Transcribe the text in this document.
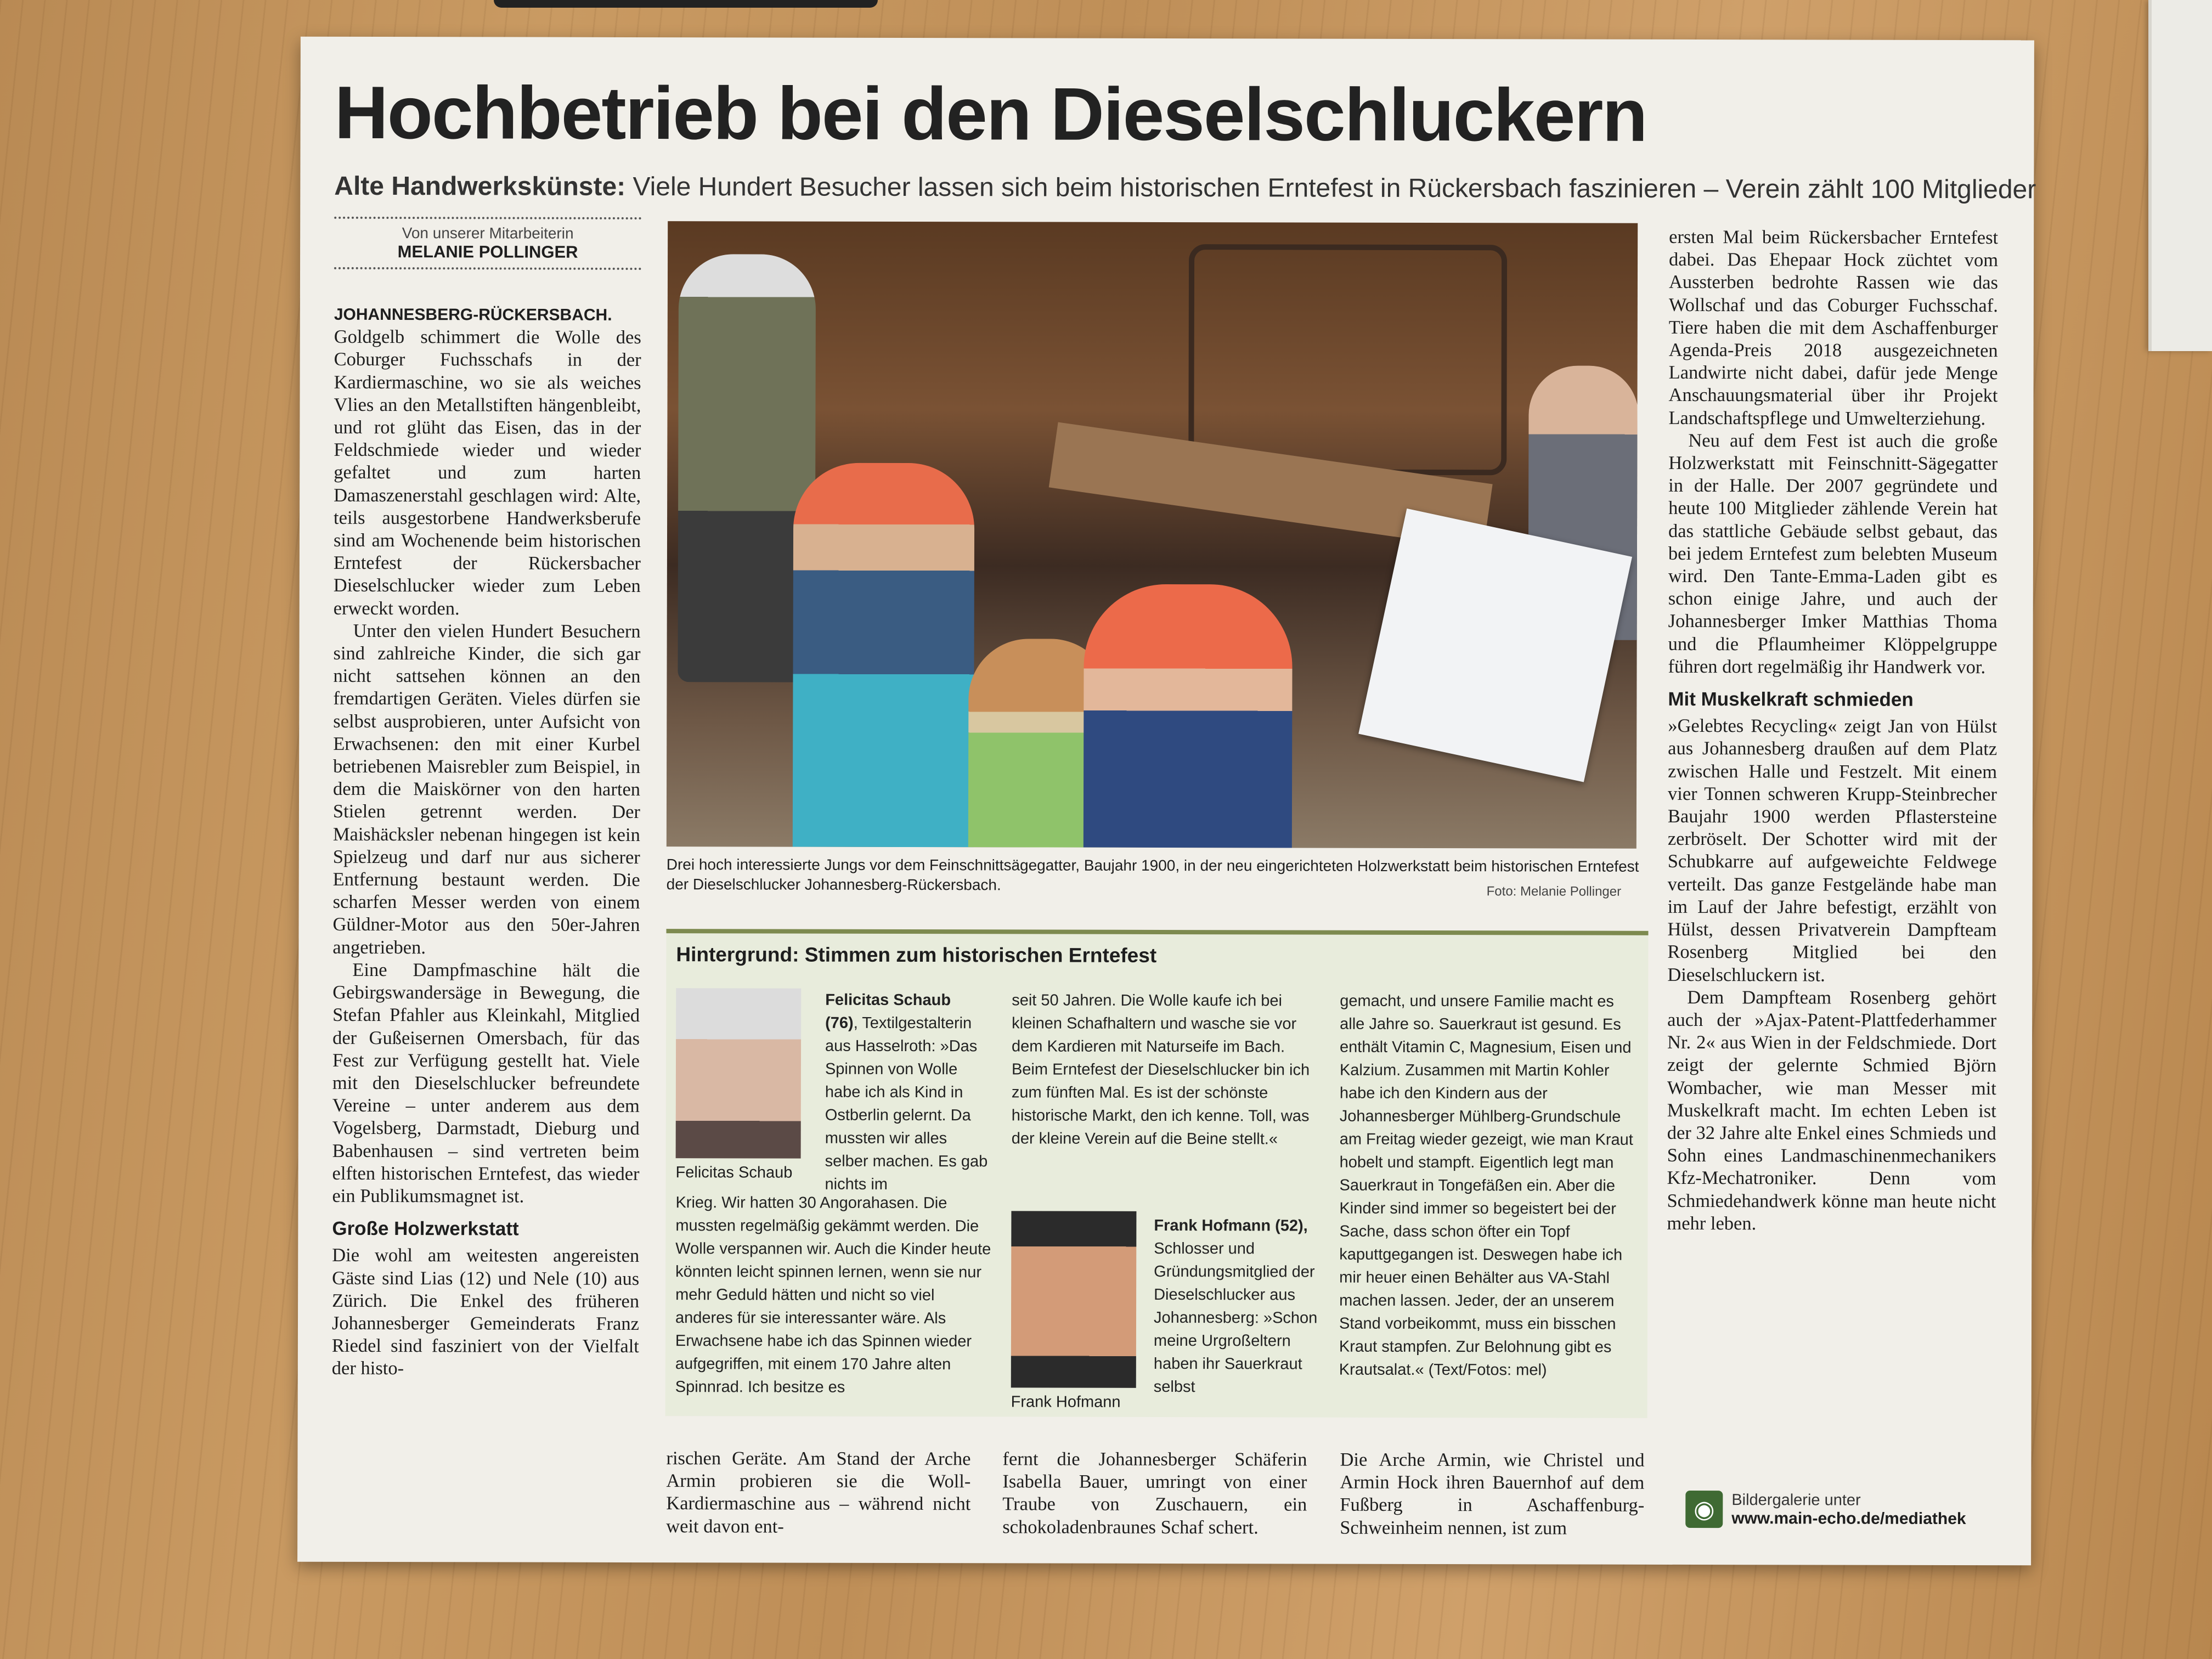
Hochbetrieb bei den Dieselschluckern
Alte Handwerkskünste: Viele Hundert Besucher lassen sich beim historischen Erntefest in Rückersbach faszinieren – Verein zählt 100 Mitglieder
Von unserer Mitarbeiterin
MELANIE POLLINGER

JOHANNESBERG-RÜCKERSBACH.
Goldgelb schimmert die Wolle des Coburger Fuchsschafs in der Kardiermaschine, wo sie als weiches Vlies an den Metallstiften hängenbleibt, und rot glüht das Eisen, das in der Feldschmiede wieder und wieder gefaltet und zum harten Damaszenerstahl geschlagen wird: Alte, teils ausgestorbene Handwerksberufe sind am Wochenende beim historischen Erntefest der Rückersbacher Dieselschlucker wieder zum Leben erweckt worden.

Unter den vielen Hundert Besuchern sind zahlreiche Kinder, die sich gar nicht sattsehen können an den fremdartigen Geräten. Vieles dürfen sie selbst ausprobieren, unter Aufsicht von Erwachsenen: den mit einer Kurbel betriebenen Maisrebler zum Beispiel, in dem die Maiskörner von den harten Stielen getrennt werden. Der Maishäcksler nebenan hingegen ist kein Spielzeug und darf nur aus sicherer Entfernung bestaunt werden. Die scharfen Messer werden von einem Güldner-Motor aus den 50er-Jahren angetrieben.

Eine Dampfmaschine hält die Gebirgswandersäge in Bewegung, die Stefan Pfahler aus Kleinkahl, Mitglied der Gußeisernen Omersbach, für das Fest zur Verfügung gestellt hat. Viele mit den Dieselschlucker befreundete Vereine – unter anderem aus dem Vogelsberg, Darmstadt, Dieburg und Babenhausen – sind vertreten beim elften historischen Erntefest, das wieder ein Publikumsmagnet ist.

Große Holzwerkstatt

Die wohl am weitesten angereisten Gäste sind Lias (12) und Nele (10) aus Zürich. Die Enkel des früheren Johannesberger Gemeinderats Franz Riedel sind fasziniert von der Vielfalt der histo-

Drei hoch interessierte Jungs vor dem Feinschnittsägegatter, Baujahr 1900, in der neu eingerichteten Holzwerkstatt beim historischen Erntefest der Dieselschlucker Johannesberg-Rückersbach.	Foto: Melanie Pollinger
Hintergrund: Stimmen zum historischen Erntefest
Felicitas Schaub
Felicitas Schaub
(76), Textilgestalterin aus Hasselroth: »Das Spinnen von Wolle habe ich als Kind in Ostberlin gelernt. Da mussten wir alles selber machen. Es gab nichts im
Krieg. Wir hatten 30 Angorahasen. Die mussten regelmäßig gekämmt werden. Die Wolle verspannen wir. Auch die Kinder heute könnten leicht spinnen lernen, wenn sie nur mehr Geduld hätten und nicht so viel anderes für sie interessanter wäre. Als Erwachsene habe ich das Spinnen wieder aufgegriffen, mit einem 170 Jahre alten Spinnrad. Ich besitze es
seit 50 Jahren. Die Wolle kaufe ich bei kleinen Schafhaltern und wasche sie vor dem Kardieren mit Naturseife im Bach. Beim Erntefest der Dieselschlucker bin ich zum fünften Mal. Es ist der schönste historische Markt, den ich kenne. Toll, was der kleine Verein auf die Beine stellt.«
Frank Hofmann
Frank Hofmann (52),
Schlosser und Gründungsmitglied der Dieselschlucker aus Johannesberg: »Schon meine Urgroßeltern haben ihr Sauerkraut selbst
gemacht, und unsere Familie macht es alle Jahre so. Sauerkraut ist gesund. Es enthält Vitamin C, Magnesium, Eisen und Kalzium. Zusammen mit Martin Kohler habe ich den Kindern aus der Johannesberger Mühlberg-Grundschule am Freitag wieder gezeigt, wie man Kraut hobelt und stampft. Eigentlich legt man Sauerkraut in Tongefäßen ein. Aber die Kinder sind immer so begeistert bei der Sache, dass schon öfter ein Topf kaputtgegangen ist. Deswegen habe ich mir heuer einen Behälter aus VA-Stahl machen lassen. Jeder, der an unserem Stand vorbeikommt, muss ein bisschen Kraut stampfen. Zur Belohnung gibt es Krautsalat.« (Text/Fotos: mel)

rischen Geräte. Am Stand der Arche Armin probieren sie die Woll-Kardiermaschine aus – während nicht weit davon ent-

fernt die Johannesberger Schäferin Isabella Bauer, umringt von einer Traube von Zuschauern, ein schokoladenbraunes Schaf schert.

Die Arche Armin, wie Christel und Armin Hock ihren Bauernhof auf dem Fußberg in Aschaffenburg-Schweinheim nennen, ist zum

ersten Mal beim Rückersbacher Erntefest dabei. Das Ehepaar Hock züchtet vom Aussterben bedrohte Rassen wie das Wollschaf und das Coburger Fuchsschaf. Tiere haben die mit dem Aschaffenburger Agenda-Preis 2018 ausgezeichneten Landwirte nicht dabei, dafür jede Menge Anschauungsmaterial über ihr Projekt Landschaftspflege und Umwelterziehung.

Neu auf dem Fest ist auch die große Holzwerkstatt mit Feinschnitt-Sägegatter in der Halle. Der 2007 gegründete und heute 100 Mitglieder zählende Verein hat das stattliche Gebäude selbst gebaut, das bei jedem Erntefest zum belebten Museum wird. Den Tante-Emma-Laden gibt es schon einige Jahre, und auch der Johannesberger Imker Matthias Thoma und die Pflaumheimer Klöppelgruppe führen dort regelmäßig ihr Handwerk vor.

Mit Muskelkraft schmieden

»Gelebtes Recycling« zeigt Jan von Hülst aus Johannesberg draußen auf dem Platz zwischen Halle und Festzelt. Mit einem vier Tonnen schweren Krupp-Steinbrecher Baujahr 1900 werden Pflastersteine zerbröselt. Der Schotter wird mit der Schubkarre auf aufgeweichte Feldwege verteilt. Das ganze Festgelände habe man im Lauf der Jahre befestigt, erzählt von Hülst, dessen Privatverein Dampfteam Rosenberg Mitglied bei den Dieselschluckern ist.

Dem Dampfteam Rosenberg gehört auch der »Ajax-Patent-Plattfederhammer Nr. 2« aus Wien in der Feldschmiede. Dort zeigt der gelernte Schmied Björn Wombacher, wie man Messer mit Muskelkraft macht. Im echten Leben ist der 32 Jahre alte Enkel eines Schmieds und Sohn eines Landmaschinenmechanikers Kfz-Mechatroniker. Denn vom Schmiedehandwerk könne man heute nicht mehr leben.

◉	Bildergalerie unter
www.main-echo.de/mediathek
